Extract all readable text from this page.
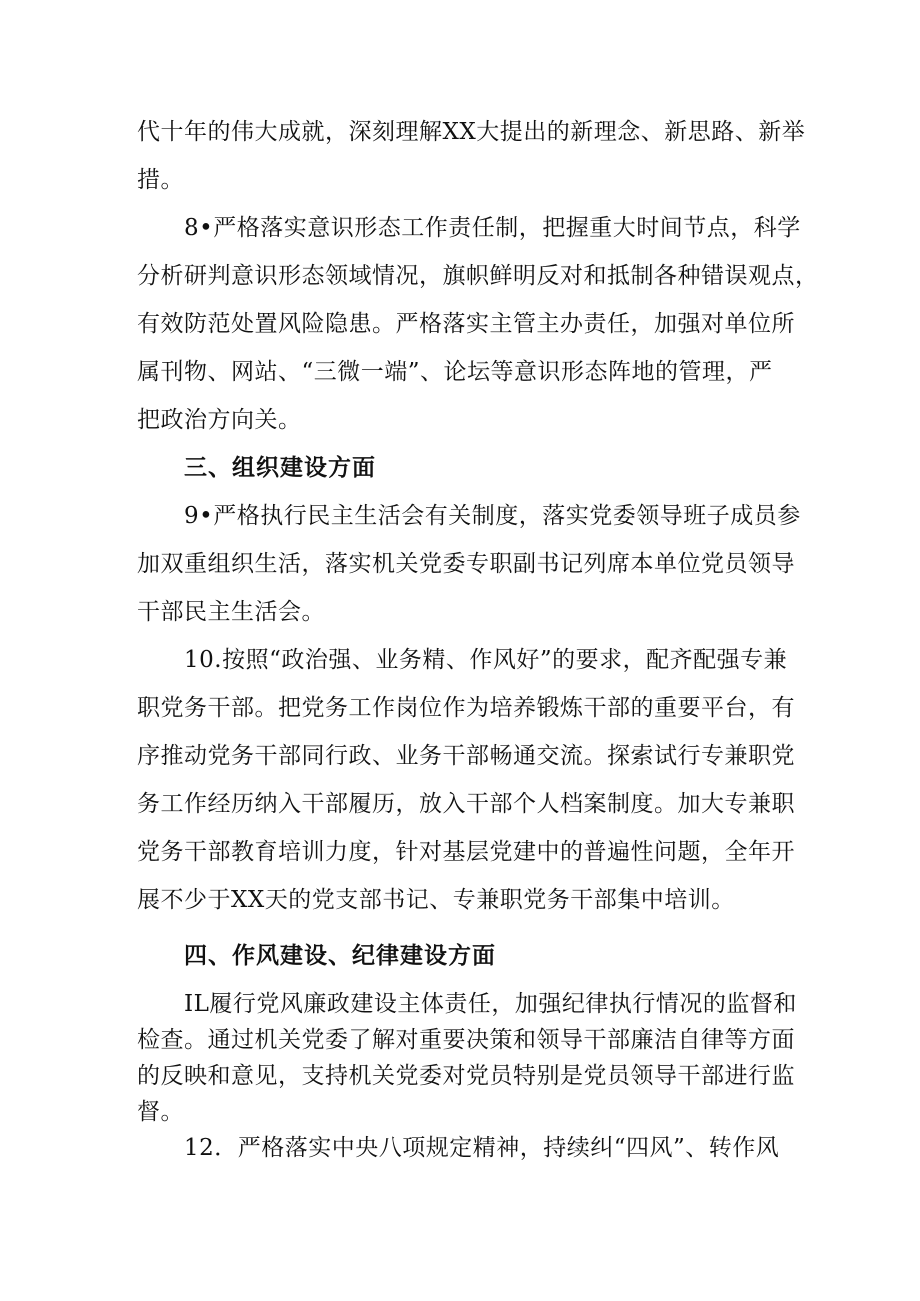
代十年的伟大成就，深刻理解XX大提出的新理念、新思路、新举
措。
8•严格落实意识形态工作责任制，把握重大时间节点，科学
分析研判意识形态领域情况，旗帜鲜明反对和抵制各种错误观点，
有效防范处置风险隐患。严格落实主管主办责任，加强对单位所
属刊物、网站、“三微一端”、论坛等意识形态阵地的管理，严
把政治方向关。
三、组织建设方面
9•严格执行民主生活会有关制度，落实党委领导班子成员参
加双重组织生活，落实机关党委专职副书记列席本单位党员领导
干部民主生活会。
10.按照“政治强、业务精、作风好”的要求，配齐配强专兼
职党务干部。把党务工作岗位作为培养锻炼干部的重要平台，有
序推动党务干部同行政、业务干部畅通交流。探索试行专兼职党
务工作经历纳入干部履历，放入干部个人档案制度。加大专兼职
党务干部教育培训力度，针对基层党建中的普遍性问题，全年开
展不少于XX天的党支部书记、专兼职党务干部集中培训。
四、作风建设、纪律建设方面
IL履行党风廉政建设主体责任，加强纪律执行情况的监督和
检查。通过机关党委了解对重要决策和领导干部廉洁自律等方面
的反映和意见，支持机关党委对党员特别是党员领导干部进行监
督。
12．严格落实中央八项规定精神，持续纠“四风”、转作风
